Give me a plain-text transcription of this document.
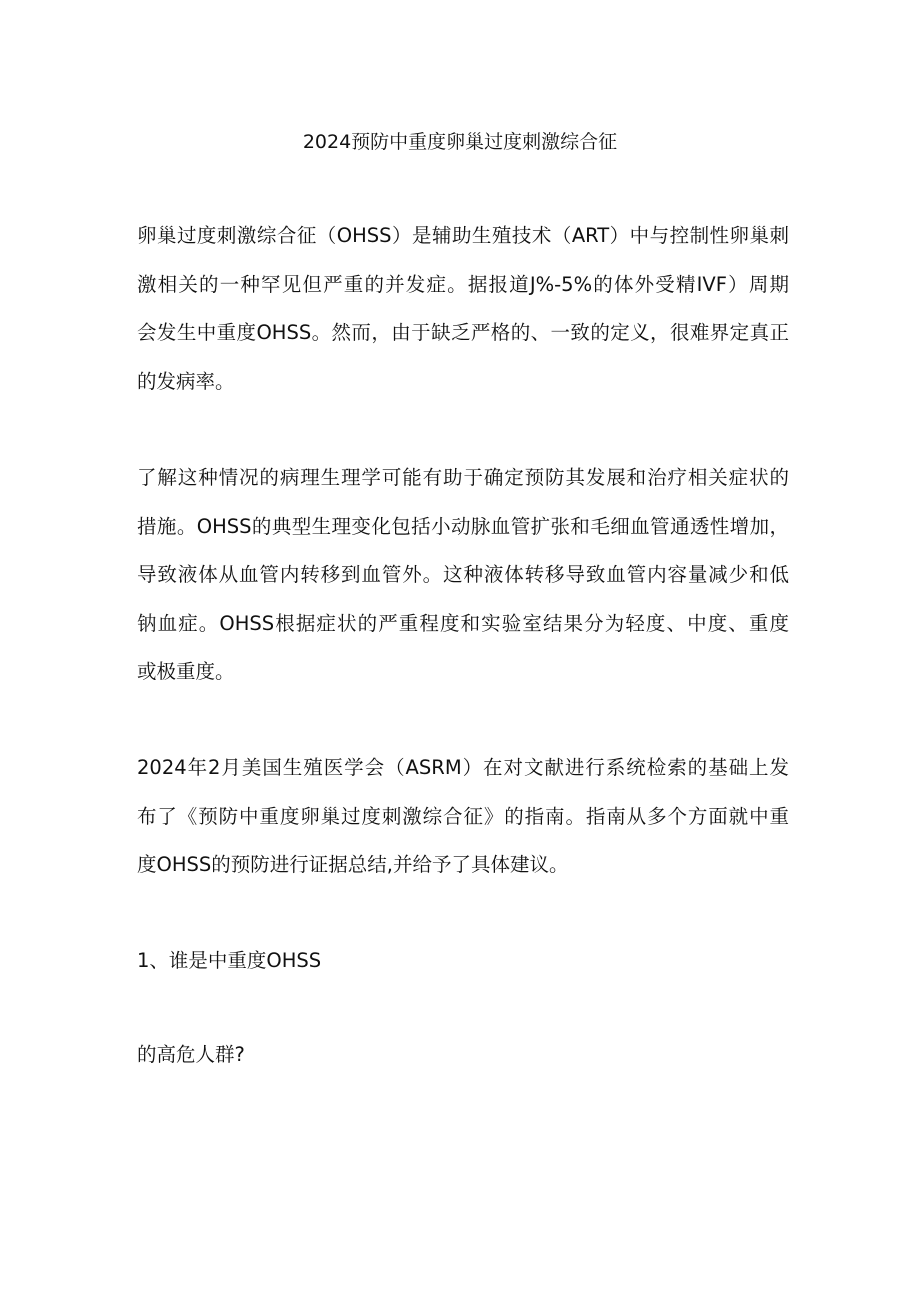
2024预防中重度卵巢过度刺激综合征
卵巢过度刺激综合征（OHSS）是辅助生殖技术（ART）中与控制性卵巢刺
激相关的一种罕见但严重的并发症。据报道J%-5%的体外受精IVF）周期
会发生中重度OHSS。然而，由于缺乏严格的、一致的定义，很难界定真正
的发病率。
了解这种情况的病理生理学可能有助于确定预防其发展和治疗相关症状的
措施。OHSS的典型生理变化包括小动脉血管扩张和毛细血管通透性增加，
导致液体从血管内转移到血管外。这种液体转移导致血管内容量减少和低
钠血症。OHSS根据症状的严重程度和实验室结果分为轻度、中度、重度
或极重度。
2024年2月美国生殖医学会（ASRM）在对文献进行系统检索的基础上发
布了《预防中重度卵巢过度刺激综合征》的指南。指南从多个方面就中重
度OHSS的预防进行证据总结,并给予了具体建议。
1、谁是中重度OHSS
的高危人群?
